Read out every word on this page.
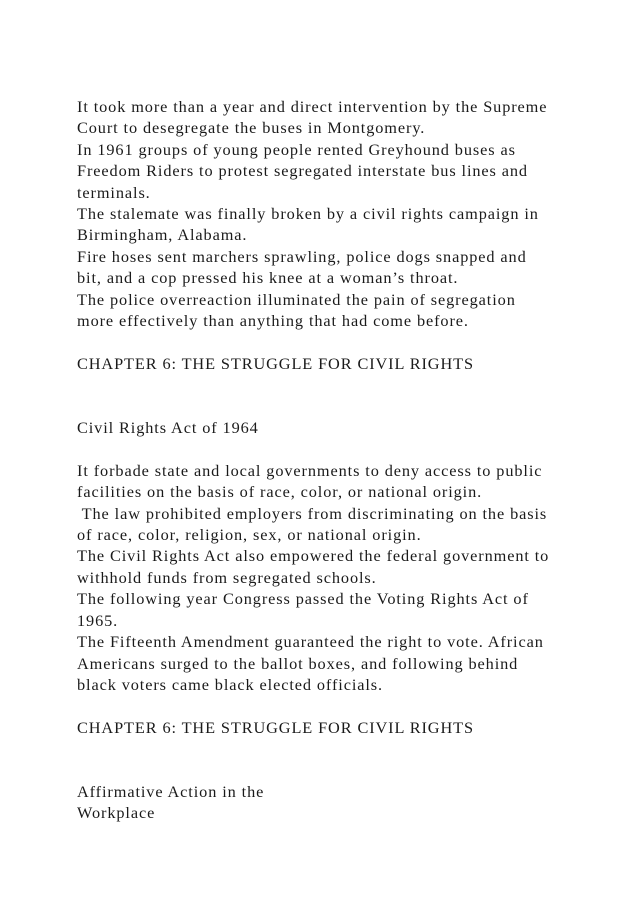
It took more than a year and direct intervention by the Supreme
Court to desegregate the buses in Montgomery.
In 1961 groups of young people rented Greyhound buses as
Freedom Riders to protest segregated interstate bus lines and
terminals.
The stalemate was finally broken by a civil rights campaign in
Birmingham, Alabama.
Fire hoses sent marchers sprawling, police dogs snapped and
bit, and a cop pressed his knee at a woman’s throat.
The police overreaction illuminated the pain of segregation
more effectively than anything that had come before.
CHAPTER 6: THE STRUGGLE FOR CIVIL RIGHTS
Civil Rights Act of 1964
It forbade state and local governments to deny access to public
facilities on the basis of race, color, or national origin.
The law prohibited employers from discriminating on the basis
of race, color, religion, sex, or national origin.
The Civil Rights Act also empowered the federal government to
withhold funds from segregated schools.
The following year Congress passed the Voting Rights Act of
1965.
The Fifteenth Amendment guaranteed the right to vote. African
Americans surged to the ballot boxes, and following behind
black voters came black elected officials.
CHAPTER 6: THE STRUGGLE FOR CIVIL RIGHTS
Affirmative Action in the
Workplace
